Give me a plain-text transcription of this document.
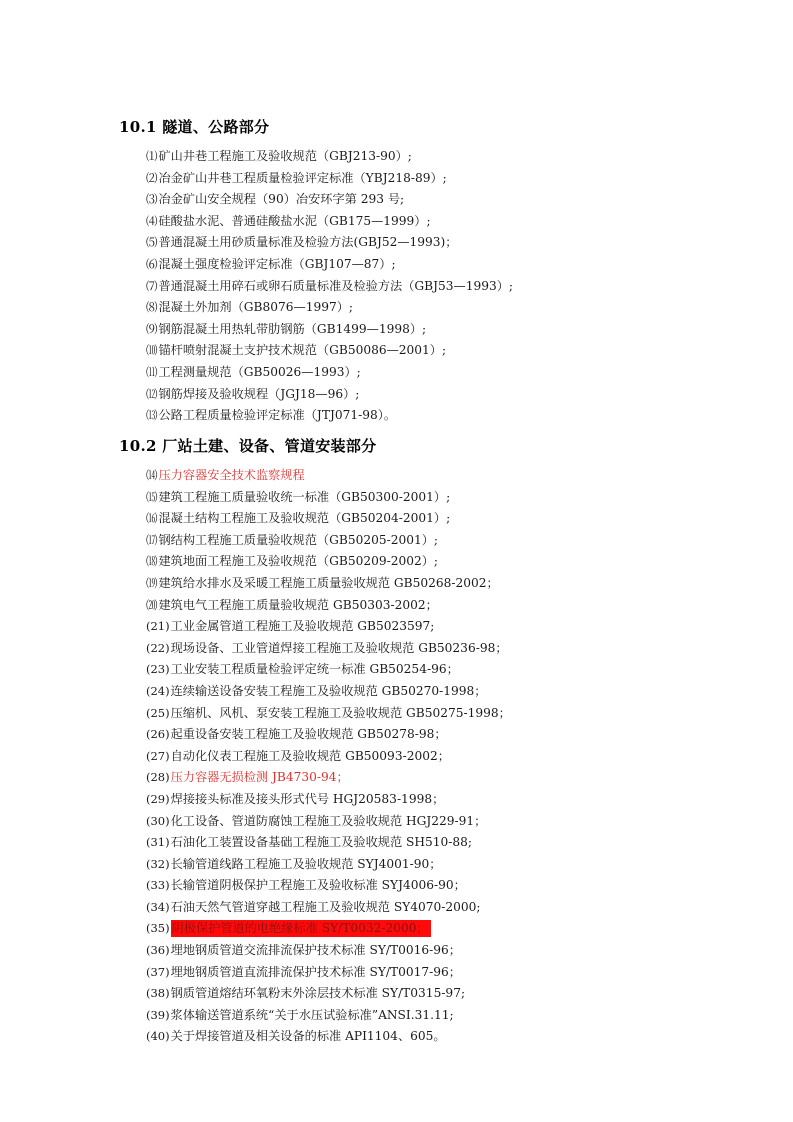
10.1 隧道、公路部分
⑴矿山井巷工程施工及验收规范（GBJ213-90）;
⑵冶金矿山井巷工程质量检验评定标准（YBJ218-89）;
⑶冶金矿山安全规程（90）冶安环字第 293 号;
⑷硅酸盐水泥、普通硅酸盐水泥（GB175—1999）;
⑸普通混凝土用砂质量标准及检验方法(GBJ52—1993)；
⑹混凝土强度检验评定标准（GBJ107—87）;
⑺普通混凝土用碎石或卵石质量标准及检验方法（GBJ53—1993）;
⑻混凝土外加剂（GB8076—1997）;
⑼钢筋混凝土用热轧带肋钢筋（GB1499—1998）;
⑽锚杆喷射混凝土支护技术规范（GB50086—2001）;
⑾工程测量规范（GB50026—1993）;
⑿钢筋焊接及验收规程（JGJ18—96）;
⒀公路工程质量检验评定标准（JTJ071-98）。
10.2 厂站土建、设备、管道安装部分
⒁压力容器安全技术监察规程
⒂建筑工程施工质量验收统一标准（GB50300-2001）;
⒃混凝土结构工程施工及验收规范（GB50204-2001）;
⒄钢结构工程施工质量验收规范（GB50205-2001）;
⒅建筑地面工程施工及验收规范（GB50209-2002）;
⒆建筑给水排水及采暖工程施工质量验收规范 GB50268-2002；
⒇建筑电气工程施工质量验收规范 GB50303-2002；
(21)工业金属管道工程施工及验收规范 GB5023597;
(22)现场设备、工业管道焊接工程施工及验收规范 GB50236-98；
(23)工业安装工程质量检验评定统一标准 GB50254-96；
(24)连续输送设备安装工程施工及验收规范 GB50270-1998；
(25)压缩机、风机、泵安装工程施工及验收规范 GB50275-1998；
(26)起重设备安装工程施工及验收规范 GB50278-98；
(27)自动化仪表工程施工及验收规范 GB50093-2002；
(28)压力容器无损检测 JB4730-94；
(29)焊接接头标准及接头形式代号 HGJ20583-1998；
(30)化工设备、管道防腐蚀工程施工及验收规范 HGJ229-91；
(31)石油化工装置设备基础工程施工及验收规范 SH510-88;
(32)长输管道线路工程施工及验收规范 SYJ4001-90；
(33)长输管道阴极保护工程施工及验收标准 SYJ4006-90；
(34)石油天然气管道穿越工程施工及验收规范 SY4070-2000;
(35) 阴极保护管道的电绝缘标准 SY/T0032-2000；
(36)埋地钢质管道交流排流保护技术标准 SY/T0016-96；
(37)埋地钢质管道直流排流保护技术标准 SY/T0017-96；
(38)钢质管道熔结环氧粉末外涂层技术标准 SY/T0315-97;
(39)浆体输送管道系统“关于水压试验标准”ANSI.31.11;
(40)关于焊接管道及相关设备的标准 API1104、605。
